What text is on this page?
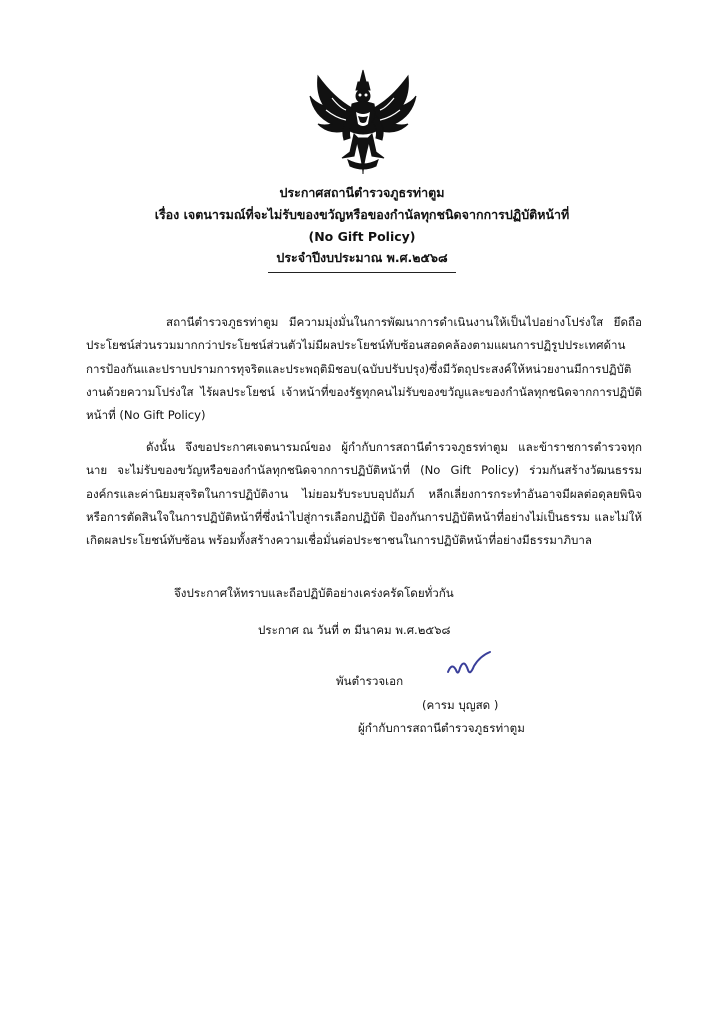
ประกาศสถานีตำรวจภูธรท่าตูม
เรื่อง เจตนารมณ์ที่จะไม่รับของขวัญหรือของกำนัลทุกชนิดจากการปฏิบัติหน้าที่
(No Gift Policy)
ประจำปีงบประมาณ พ.ศ.๒๕๖๘

สถานีตำรวจภูธรท่าตูม มีความมุ่งมั่นในการพัฒนาการดำเนินงานให้เป็นไปอย่างโปร่งใส ยึดถือประโยชน์ส่วนรวมมากกว่าประโยชน์ส่วนตัวไม่มีผลประโยชน์ทับซ้อนสอดคล้องตามแผนการปฏิรูปประเทศด้านการป้องกันและปราบปรามการทุจริตและประพฤติมิชอบ(ฉบับปรับปรุง)ซึ่งมีวัตถุประสงค์ให้หน่วยงานมีการปฏิบัติงานด้วยความโปร่งใส ไร้ผลประโยชน์ เจ้าหน้าที่ของรัฐทุกคนไม่รับของขวัญและของกำนัลทุกชนิดจากการปฏิบัติหน้าที่ (No Gift Policy)

ดังนั้น จึงขอประกาศเจตนารมณ์ของ ผู้กำกับการสถานีตำรวจภูธรท่าตูม และข้าราชการตำรวจทุกนาย จะไม่รับของขวัญหรือของกำนัลทุกชนิดจากการปฏิบัติหน้าที่ (No Gift Policy) ร่วมกันสร้างวัฒนธรรมองค์กรและค่านิยมสุจริตในการปฏิบัติงาน ไม่ยอมรับระบบอุปถัมภ์ หลีกเลี่ยงการกระทำอันอาจมีผลต่อดุลยพินิจหรือการตัดสินใจในการปฏิบัติหน้าที่ซึ่งนำไปสู่การเลือกปฏิบัติ ป้องกันการปฏิบัติหน้าที่อย่างไม่เป็นธรรม และไม่ให้เกิดผลประโยชน์ทับซ้อน พร้อมทั้งสร้างความเชื่อมั่นต่อประชาชนในการปฏิบัติหน้าที่อย่างมีธรรมาภิบาล

จึงประกาศให้ทราบและถือปฏิบัติอย่างเคร่งครัดโดยทั่วกัน
ประกาศ ณ วันที่ ๓ มีนาคม พ.ศ.๒๕๖๘
พันตำรวจเอก
(คารม บุญสด )
ผู้กำกับการสถานีตำรวจภูธรท่าตูม
